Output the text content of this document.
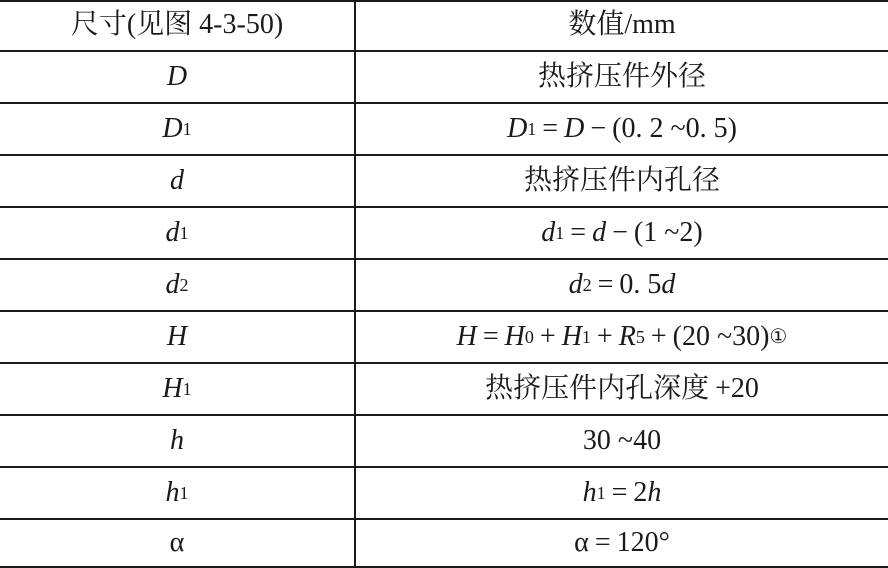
尺寸(见图 4-3-50)	数值/mm
D	热挤压件外径
D 1	D 1 = D − (0. 2 ~0. 5)
d	热挤压件内孔径
d 1	d 1 = d − (1 ~2)
d 2	d 2 = 0. 5 d
H	H = H 0 + H 1 + R 5 + (20 ~30) ①
H 1	热挤压件内孔深度 +20
h	30 ~40
h 1	h 1 = 2 h
α	α = 120°
